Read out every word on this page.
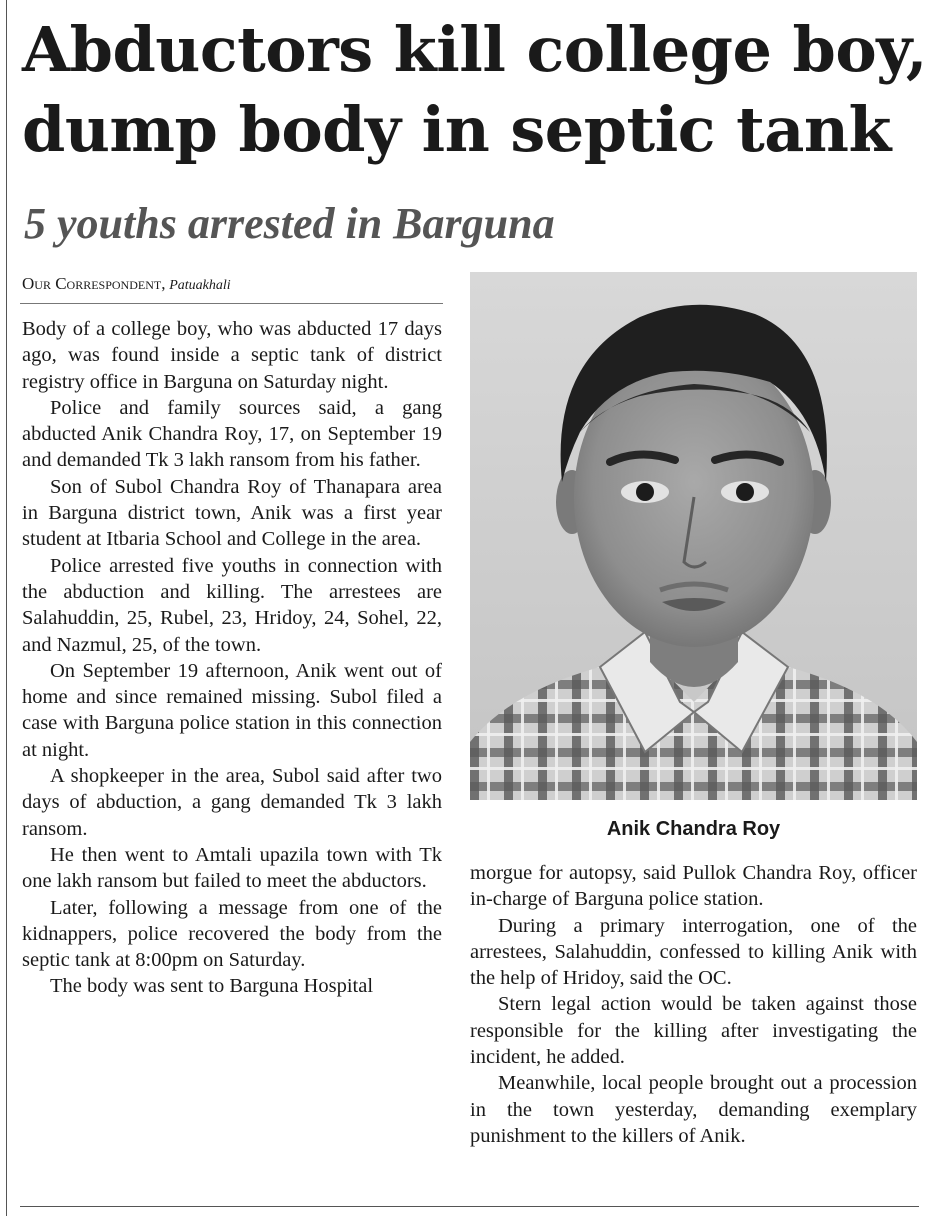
Abductors kill college boy,
dump body in septic tank
5 youths arrested in Barguna
Our Correspondent, Patuakhali

Body of a college boy, who was abducted 17 days ago, was found inside a septic tank of district registry office in Barguna on Saturday night.

Police and family sources said, a gang abducted Anik Chandra Roy, 17, on September 19 and demanded Tk 3 lakh ransom from his father.

Son of Subol Chandra Roy of Thanapara area in Barguna district town, Anik was a first year student at Itbaria School and College in the area.

Police arrested five youths in connection with the abduction and killing. The arrestees are Salahuddin, 25, Rubel, 23, Hridoy, 24, Sohel, 22, and Nazmul, 25, of the town.

On September 19 afternoon, Anik went out of home and since remained missing. Subol filed a case with Barguna police station in this connection at night.

A shopkeeper in the area, Subol said after two days of abduction, a gang demanded Tk 3 lakh ransom.

He then went to Amtali upazila town with Tk one lakh ransom but failed to meet the abductors.

Later, following a message from one of the kidnappers, police recovered the body from the septic tank at 8:00pm on Saturday.

The body was sent to Barguna Hospital

Anik Chandra Roy

morgue for autopsy, said Pullok Chandra Roy, officer in-charge of Barguna police station.

During a primary interrogation, one of the arrestees, Salahuddin, confessed to killing Anik with the help of Hridoy, said the OC.

Stern legal action would be taken against those responsible for the killing after investigating the incident, he added.

Meanwhile, local people brought out a procession in the town yesterday, demanding exemplary punishment to the killers of Anik.
